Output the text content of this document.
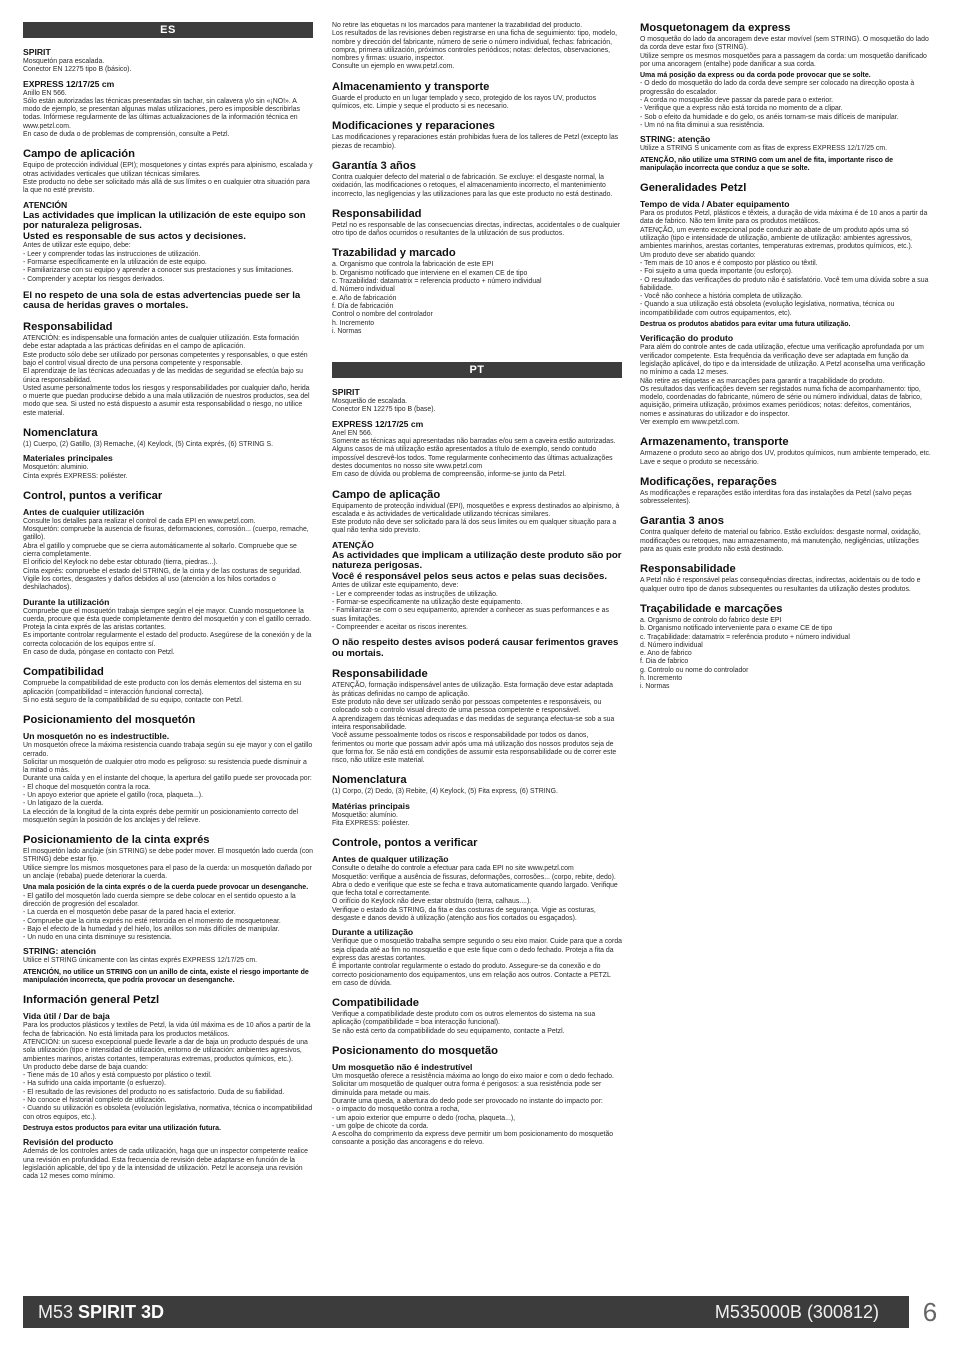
ES
SPIRIT
Mosquetón para escalada.
Conector EN 12275 tipo B (básico).
EXPRESS 12/17/25 cm
Anillo EN 566.
Sólo están autorizadas las técnicas presentadas sin tachar, sin calavera y/o sin «¡NO!». A modo de ejemplo, se presentan algunas malas utilizaciones, pero es imposible describirlas todas. Infórmese regularmente de las últimas actualizaciones de la información técnica en www.petzl.com.
En caso de duda o de problemas de comprensión, consulte a Petzl.
Campo de aplicación
Equipo de protección individual (EPI); mosquetones y cintas exprés para alpinismo, escalada y otras actividades verticales que utilizan técnicas similares.
Este producto no debe ser solicitado más allá de sus límites o en cualquier otra situación para la que no esté previsto.
ATENCIÓN
Las actividades que implican la utilización de este equipo son por naturaleza peligrosas.
Usted es responsable de sus actos y decisiones.
Antes de utilizar este equipo, debe:
- Leer y comprender todas las instrucciones de utilización.
- Formarse específicamente en la utilización de este equipo.
- Familiarizarse con su equipo y aprender a conocer sus prestaciones y sus limitaciones.
- Comprender y aceptar los riesgos derivados.
El no respeto de una sola de estas advertencias puede ser la causa de heridas graves o mortales.
Responsabilidad
ATENCIÓN: es indispensable una formación antes de cualquier utilización. Esta formación debe estar adaptada a las prácticas definidas en el campo de aplicación.
Este producto sólo debe ser utilizado por personas competentes y responsables, o que estén bajo el control visual directo de una persona competente y responsable.
El aprendizaje de las técnicas adecuadas y de las medidas de seguridad se efectúa bajo su única responsabilidad.
Usted asume personalmente todos los riesgos y responsabilidades por cualquier daño, herida o muerte que puedan producirse debido a una mala utilización de nuestros productos, sea del modo que sea. Si usted no está dispuesto a asumir esta responsabilidad o riesgo, no utilice este material.
Nomenclatura
(1) Cuerpo, (2) Gatillo, (3) Remache, (4) Keylock, (5) Cinta exprés, (6) STRING S.
Materiales principales
Mosquetón: aluminio.
Cinta exprés EXPRESS: poliéster.
Control, puntos a verificar
Antes de cualquier utilización
Consulte los detalles para realizar el control de cada EPI en www.petzl.com.
Mosquetón: compruebe la ausencia de fisuras, deformaciones, corrosión... (cuerpo, remache, gatillo).
Abra el gatillo y compruebe que se cierra automáticamente al soltarlo. Compruebe que se cierra completamente.
El orificio del Keylock no debe estar obturado (tierra, piedras...).
Cinta exprés: compruebe el estado del STRING, de la cinta y de las costuras de seguridad. Vigile los cortes, desgastes y daños debidos al uso (atención a los hilos cortados o deshilachados).
Durante la utilización
Compruebe que el mosquetón trabaja siempre según el eje mayor. Cuando mosquetonee la cuerda, procure que ésta quede completamente dentro del mosquetón y con el gatillo cerrado. Proteja la cinta exprés de las aristas cortantes.
Es importante controlar regularmente el estado del producto. Asegúrese de la conexión y de la correcta colocación de los equipos entre sí.
En caso de duda, póngase en contacto con Petzl.
Compatibilidad
Compruebe la compatibilidad de este producto con los demás elementos del sistema en su aplicación (compatibilidad = interacción funcional correcta).
Si no está seguro de la compatibilidad de su equipo, contacte con Petzl.
Posicionamiento del mosquetón
Un mosquetón no es indestructible.
Un mosquetón ofrece la máxima resistencia cuando trabaja según su eje mayor y con el gatillo cerrado.
Solicitar un mosquetón de cualquier otro modo es peligroso: su resistencia puede disminuir a la mitad o más.
Durante una caída y en el instante del choque, la apertura del gatillo puede ser provocada por:
- El choque del mosquetón contra la roca.
- Un apoyo exterior que apriete el gatillo (roca, plaqueta...).
- Un latigazo de la cuerda.
La elección de la longitud de la cinta exprés debe permitir un posicionamiento correcto del mosquetón según la posición de los anclajes y del relieve.
Posicionamiento de la cinta exprés
El mosquetón lado anclaje (sin STRING) se debe poder mover. El mosquetón lado cuerda (con STRING) debe estar fijo.
Utilice siempre los mismos mosquetones para el paso de la cuerda: un mosquetón dañado por un anclaje (rebaba) puede deteriorar la cuerda.
Una mala posición de la cinta exprés o de la cuerda puede provocar un desenganche.
- El gatillo del mosquetón lado cuerda siempre se debe colocar en el sentido opuesto a la dirección de progresión del escalador.
- La cuerda en el mosquetón debe pasar de la pared hacia el exterior.
- Compruebe que la cinta exprés no esté retorcida en el momento de mosquetonear.
- Bajo el efecto de la humedad y del hielo, los anillos son más difíciles de manipular.
- Un nudo en una cinta disminuye su resistencia.
STRING: atención
Utilice el STRING únicamente con las cintas exprés EXPRESS 12/17/25 cm.
ATENCIÓN, no utilice un STRING con un anillo de cinta, existe el riesgo importante de manipulación incorrecta, que podría provocar un desenganche.
Información general Petzl
Vida útil / Dar de baja
Para los productos plásticos y textiles de Petzl, la vida útil máxima es de 10 años a partir de la fecha de fabricación. No está limitada para los productos metálicos.
ATENCIÓN: un suceso excepcional puede llevarle a dar de baja un producto después de una sola utilización (tipo e intensidad de utilización, entorno de utilización: ambientes agresivos, ambientes marinos, aristas cortantes, temperaturas extremas, productos químicos, etc.).
Un producto debe darse de baja cuando:
- Tiene más de 10 años y está compuesto por plástico o textil.
- Ha sufrido una caída importante (o esfuerzo).
- El resultado de las revisiones del producto no es satisfactorio. Duda de su fiabilidad.
- No conoce el historial completo de utilización.
- Cuando su utilización es obsoleta (evolución legislativa, normativa, técnica o incompatibilidad con otros equipos, etc.).
Destruya estos productos para evitar una utilización futura.
Revisión del producto
Además de los controles antes de cada utilización, haga que un inspector competente realice una revisión en profundidad. Esta frecuencia de revisión debe adaptarse en función de la legislación aplicable, del tipo y de la intensidad de utilización. Petzl le aconseja una revisión cada 12 meses como mínimo.
No retire las etiquetas ni los marcados para mantener la trazabilidad del producto.
Los resultados de las revisiones deben registrarse en una ficha de seguimiento: tipo, modelo, nombre y dirección del fabricante, número de serie o número individual, fechas: fabricación, compra, primera utilización, próximos controles periódicos; notas: defectos, observaciones, nombres y firmas: usuario, inspector.
Consulte un ejemplo en www.petzl.com.
Almacenamiento y transporte
Guarde el producto en un lugar templado y seco, protegido de los rayos UV, productos químicos, etc. Limpie y seque el producto si es necesario.
Modificaciones y reparaciones
Las modificaciones y reparaciones están prohibidas fuera de los talleres de Petzl (excepto las piezas de recambio).
Garantía 3 años
Contra cualquier defecto del material o de fabricación. Se excluye: el desgaste normal, la oxidación, las modificaciones o retoques, el almacenamiento incorrecto, el mantenimiento incorrecto, las negligencias y las utilizaciones para las que este producto no está destinado.
Responsabilidad
Petzl no es responsable de las consecuencias directas, indirectas, accidentales o de cualquier otro tipo de daños ocurridos o resultantes de la utilización de sus productos.
Trazabilidad y marcado
a. Organismo que controla la fabricación de este EPI
b. Organismo notificado que interviene en el examen CE de tipo
c. Trazabilidad: datamatrix = referencia producto + número individual
d. Número individual
e. Año de fabricación
f. Día de fabricación
Control o nombre del controlador
h. Incremento
i. Normas
PT
SPIRIT
Mosquetão de escalada.
Conector EN 12275 tipo B (base).
EXPRESS 12/17/25 cm
Anel EN 566.
Somente as técnicas aqui apresentadas não barradas e/ou sem a caveira estão autorizadas. Alguns casos de má utilização estão apresentados a título de exemplo, sendo contudo impossível descrevê-los todos. Tome regularmente conhecimento das últimas actualizações destes documentos no nosso site www.petzl.com
Em caso de dúvida ou problema de compreensão, informe-se junto da Petzl.
Campo de aplicação
Equipamento de protecção individual (EPI), mosquetões e express destinados ao alpinismo, à escalada e às actividades de verticalidade utilizando técnicas similares.
Este produto não deve ser solicitado para lá dos seus limites ou em qualquer situação para a qual não tenha sido previsto.
ATENÇÃO
As actividades que implicam a utilização deste produto são por natureza perigosas.
Você é responsável pelos seus actos e pelas suas decisões.
Antes de utilizar este equipamento, deve:
- Ler e compreender todas as instruções de utilização.
- Formar-se especificamente na utilização deste equipamento.
- Familiarizar-se com o seu equipamento, aprender a conhecer as suas performances e as suas limitações.
- Compreender e aceitar os riscos inerentes.
O não respeito destes avisos poderá causar ferimentos graves ou mortais.
Responsabilidade
ATENÇÃO, formação indispensável antes de utilização. Esta formação deve estar adaptada às práticas definidas no campo de aplicação.
Este produto não deve ser utilizado senão por pessoas competentes e responsáveis, ou colocado sob o controlo visual directo de uma pessoa competente e responsável.
A aprendizagem das técnicas adequadas e das medidas de segurança efectua-se sob a sua inteira responsabilidade.
Você assume pessoalmente todos os riscos e responsabilidade por todos os danos, ferimentos ou morte que possam advir após uma má utilização dos nossos produtos seja de que forma for. Se não está em condições de assumir esta responsabilidade ou de correr este risco, não utilize este material.
Nomenclatura
(1) Corpo, (2) Dedo, (3) Rebite, (4) Keylock, (5) Fita express, (6) STRING.
Matérias principais
Mosquetão: alumínio.
Fita EXPRESS: poliéster.
Controle, pontos a verificar
Antes de qualquer utilização
Consulte o detalhe do controle a efectuar para cada EPI no site www.petzl.com
Mosquetão: verifique a ausência de fissuras, deformações, corrosões... (corpo, rebite, dedo).
Abra o dedo e verifique que este se fecha e trava automaticamente quando largado. Verifique que fecha total e correctamente.
O orifício do Keylock não deve estar obstruído (terra, calhaus....).
Verifique o estado da STRING, da fita e das costuras de segurança. Vigie as costuras, desgaste e danos devido à utilização (atenção aos fios cortados ou esgaçados).
Durante a utilização
Verifique que o mosquetão trabalha sempre segundo o seu eixo maior. Cuide para que a corda seja clipada até ao fim no mosquetão e que este fique com o dedo fechado. Proteja a fita da express das arestas cortantes.
É importante controlar regularmente o estado do produto. Assegure-se da conexão e do correcto posicionamento dos equipamentos, uns em relação aos outros. Contacte a PETZL em caso de dúvida.
Compatibilidade
Verifique a compatibilidade deste produto com os outros elementos do sistema na sua aplicação (compatibilidade = boa interacção funcional).
Se não está certo da compatibilidade do seu equipamento, contacte a Petzl.
Posicionamento do mosquetão
Um mosquetão não é indestrutível
Um mosquetão oferece a resistência máxima ao longo do eixo maior e com o dedo fechado.
Solicitar um mosquetão de qualquer outra forma é perigosos: a sua resistência pode ser diminuída para metade ou mais.
Durante uma queda, a abertura do dedo pode ser provocado no instante do impacto por:
- o impacto do mosquetão contra a rocha,
- um apoio exterior que empurre o dedo (rocha, plaqueta...),
- um golpe de chicote da corda.
A escolha do comprimento da express deve permitir um bom posicionamento do mosquetão consoante a posição das ancoragens e do relevo.
Mosquetonagem da express
O mosquetão do lado da ancoragem deve estar movível (sem STRING). O mosquetão do lado da corda deve estar fixo (STRING).
Utilize sempre os mesmos mosquetões para a passagem da corda: um mosquetão danificado por uma ancoragem (entalhe) pode danificar a sua corda.
Uma má posição da express ou da corda pode provocar que se solte.
- O dedo do mosquetão do lado da corda deve sempre ser colocado na direcção oposta à progressão do escalador.
- A corda no mosquetão deve passar da parede para o exterior.
- Verifique que a express não está torcida no momento de a clipar.
- Sob o efeito da humidade e do gelo, os anéis tornam-se mais difíceis de manipular.
- Um nó na fita diminui a sua resistência.
STRING: atenção
Utilize a STRING S unicamente com as fitas de express EXPRESS 12/17/25 cm.
ATENÇÃO, não utilize uma STRING com um anel de fita, importante risco de manipulação incorrecta que conduz a que se solte.
Generalidades Petzl
Tempo de vida / Abater equipamento
Para os produtos Petzl, plásticos e têxteis, a duração de vida máxima é de 10 anos a partir da data de fabrico. Não tem limite para os produtos metálicos.
ATENÇÃO, um evento excepcional pode conduzir ao abate de um produto após uma só utilização (tipo e intensidade de utilização, ambiente de utilização: ambientes agressivos, ambientes marinhos, arestas cortantes, temperaturas extremas, produtos químicos, etc.).
Um produto deve ser abatido quando:
- Tem mais de 10 anos e é composto por plástico ou têxtil.
- Foi sujeito a uma queda importante (ou esforço).
- O resultado das verificações do produto não é satisfatório. Você tem uma dúvida sobre a sua fiabilidade.
- Você não conhece a história completa de utilização.
- Quando a sua utilização está obsoleta (evolução legislativa, normativa, técnica ou incompatibilidade com outros equipamentos, etc).
Destrua os produtos abatidos para evitar uma futura utilização.
Verificação do produto
Para além do controle antes de cada utilização, efectue uma verificação aprofundada por um verificador competente. Esta frequência da verificação deve ser adaptada em função da legislação aplicável, do tipo e da intensidade de utilização. A Petzl aconselha uma verificação no mínimo a cada 12 meses.
Não retire as etiquetas e as marcações para garantir a traçabilidade do produto.
Os resultados das verificações devem ser registados numa ficha de acompanhamento: tipo, modelo, coordenadas do fabricante, número de série ou número individual, datas de fabrico, aquisição, primeira utilização, próximos exames periódicos; notas: defeitos, comentários, nomes e assinaturas do utilizador e do inspector.
Ver exemplo em www.petzl.com.
Armazenamento, transporte
Armazene o produto seco ao abrigo dos UV, produtos químicos, num ambiente temperado, etc. Lave e seque o produto se necessário.
Modificações, reparações
As modificações e reparações estão interditas fora das instalações da Petzl (salvo peças sobresselentes).
Garantia 3 anos
Contra qualquer defeito de material ou fabrico. Estão excluídos: desgaste normal, oxidação, modificações ou retoques, mau armazenamento, má manutenção, negligências, utilizações para as quais este produto não está destinado.
Responsabilidade
A Petzl não é responsável pelas consequências directas, indirectas, acidentais ou de todo e qualquer outro tipo de danos subsequentes ou resultantes da utilização destes produtos.
Traçabilidade e marcações
a. Organismo de controlo do fabrico deste EPI
b. Organismo notificado interveniente para o exame CE de tipo
c. Traçabilidade: datamatrix = referência produto + número individual
d. Número individual
e. Ano de fabrico
f. Dia de fabrico
g. Controlo ou nome do controlador
h. Incremento
i. Normas
M53 SPIRIT 3D	M535000B (300812) 6
